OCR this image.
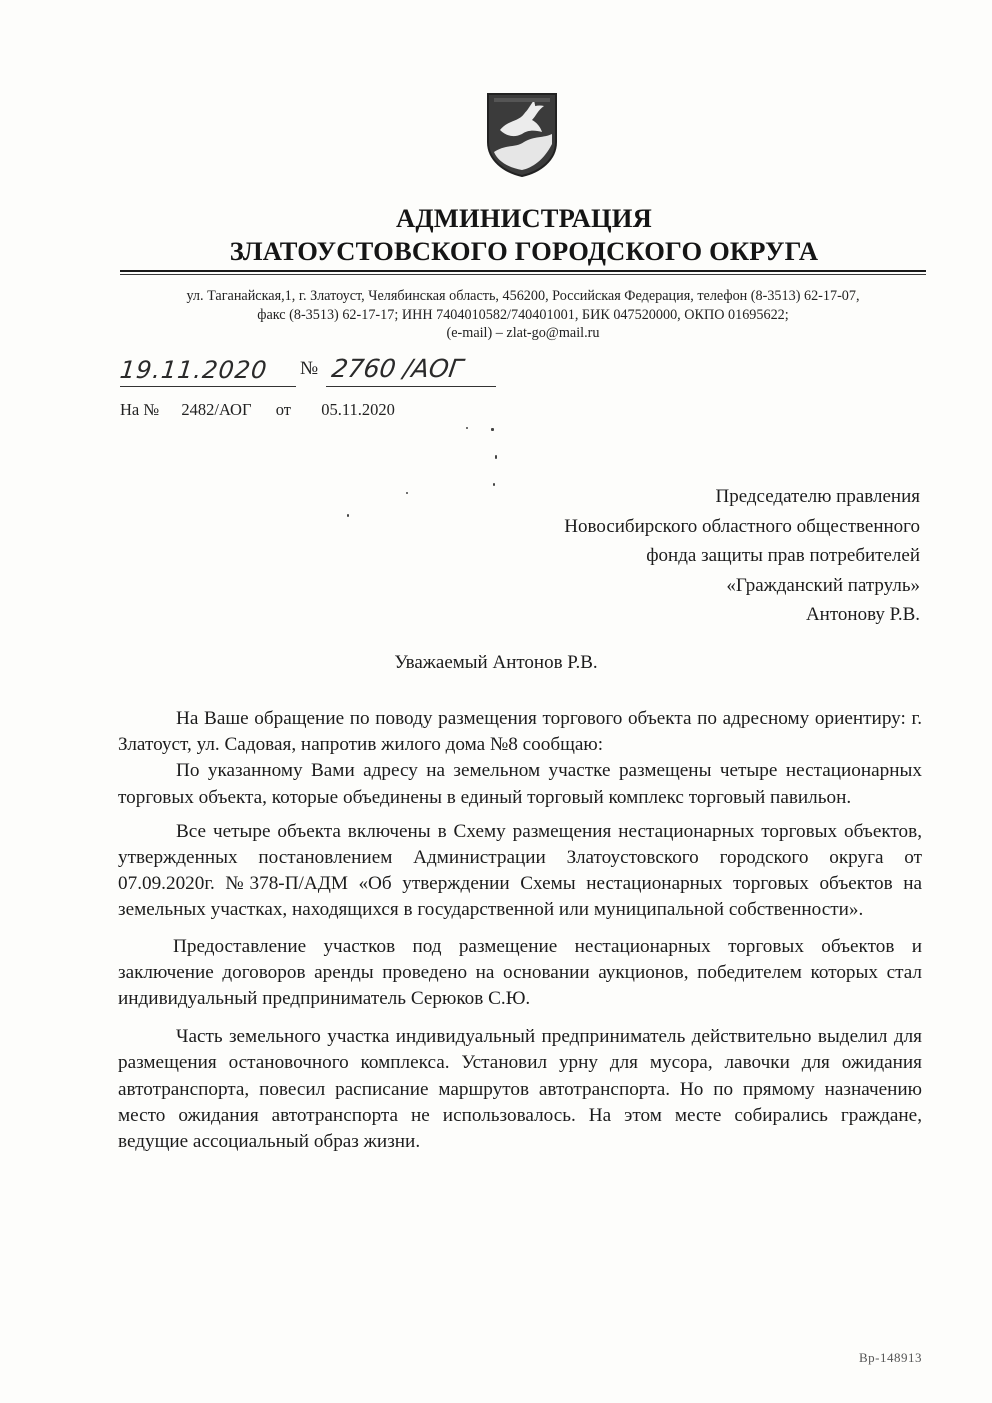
АДМИНИСТРАЦИЯ
ЗЛАТОУСТОВСКОГО ГОРОДСКОГО ОКРУГА
ул. Таганайская,1, г. Златоуст, Челябинская область, 456200, Российская Федерация, телефон (8-3513) 62-17-07,
факс (8-3513) 62-17-17; ИНН 7404010582/740401001, БИК 047520000, ОКПО 01695622;
(e-mail) – zlat-go@mail.ru
19.11.2020	№ 2760 /АОГ
На № 2482/АОГ от 05.11.2020
Председателю правления
Новосибирского областного общественного
фонда защиты прав потребителей
«Гражданский патруль»
Антонову Р.В.
Уважаемый Антонов Р.В.

На Ваше обращение по поводу размещения торгового объекта по адресному ориентиру: г. Златоуст, ул. Садовая, напротив жилого дома №8 сообщаю:

По указанному Вами адресу на земельном участке размещены четыре нестационарных торговых объекта, которые объединены в единый торговый комплекс торговый павильон.

Все четыре объекта включены в Схему размещения нестационарных торговых объектов, утвержденных постановлением Администрации Златоустовского городского округа от 07.09.2020г. №378-П/АДМ «Об утверждении Схемы нестационарных торговых объектов на земельных участках, находящихся в государственной или муниципальной собственности».

Предоставление участков под размещение нестационарных торговых объектов и заключение договоров аренды проведено на основании аукционов, победителем которых стал индивидуальный предприниматель Серюков С.Ю.

Часть земельного участка индивидуальный предприниматель действительно выделил для размещения остановочного комплекса. Установил урну для мусора, лавочки для ожидания автотранспорта, повесил расписание маршрутов автотранспорта. Но по прямому назначению место ожидания автотранспорта не использовалось. На этом месте собирались граждане, ведущие ассоциальный образ жизни.

Вр-148913
